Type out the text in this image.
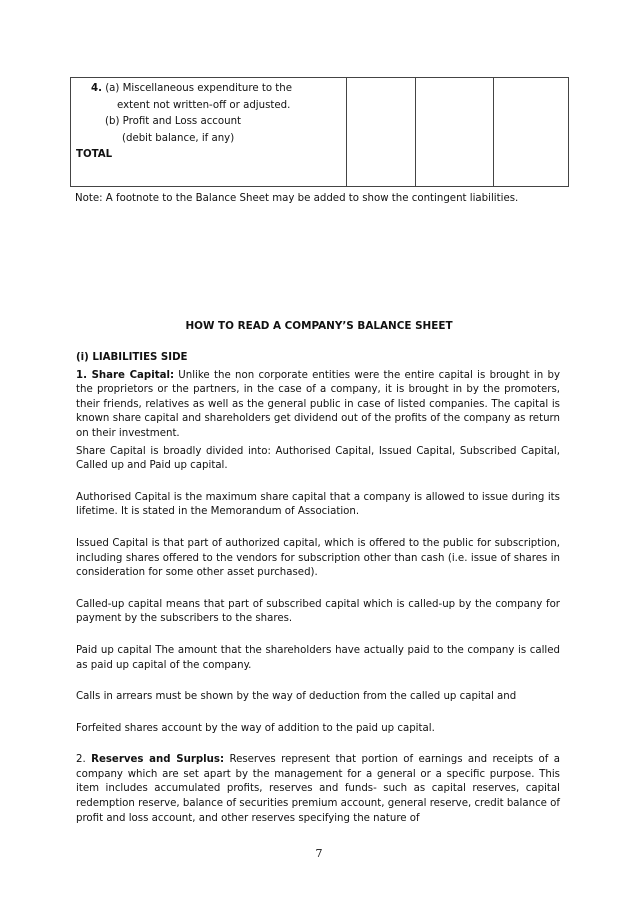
4. (a) Miscellaneous expenditure to the
extent not written-off or adjusted.
(b) Profit and Loss account
(debit balance, if any)
TOTAL

Note: A footnote to the Balance Sheet may be added to show the contingent liabilities.
HOW TO READ A COMPANY’S BALANCE SHEET

(i) LIABILITIES SIDE

1. Share Capital: Unlike the non corporate entities were the entire capital is brought in by the proprietors or the partners, in the case of a company, it is brought in by the promoters, their friends, relatives as well as the general public in case of listed companies. The capital is known share capital and shareholders get dividend out of the profits of the company as return on their investment.

Share Capital is broadly divided into: Authorised Capital, Issued Capital, Subscribed Capital, Called up and Paid up capital.

Authorised Capital is the maximum share capital that a company is allowed to issue during its lifetime. It is stated in the Memorandum of Association.

Issued Capital is that part of authorized capital, which is offered to the public for subscription, including shares offered to the vendors for subscription other than cash (i.e. issue of shares in consideration for some other asset purchased).

Called-up capital means that part of subscribed capital which is called-up by the company for payment by the subscribers to the shares.

Paid up capital The amount that the shareholders have actually paid to the company is called as paid up capital of the company.

Calls in arrears must be shown by the way of deduction from the called up capital and

Forfeited shares account by the way of addition to the paid up capital.

2. Reserves and Surplus: Reserves represent that portion of earnings and receipts of a company which are set apart by the management for a general or a specific purpose. This item includes accumulated profits, reserves and funds- such as capital reserves, capital redemption reserve, balance of securities premium account, general reserve, credit balance of profit and loss account, and other reserves specifying the nature of

7
